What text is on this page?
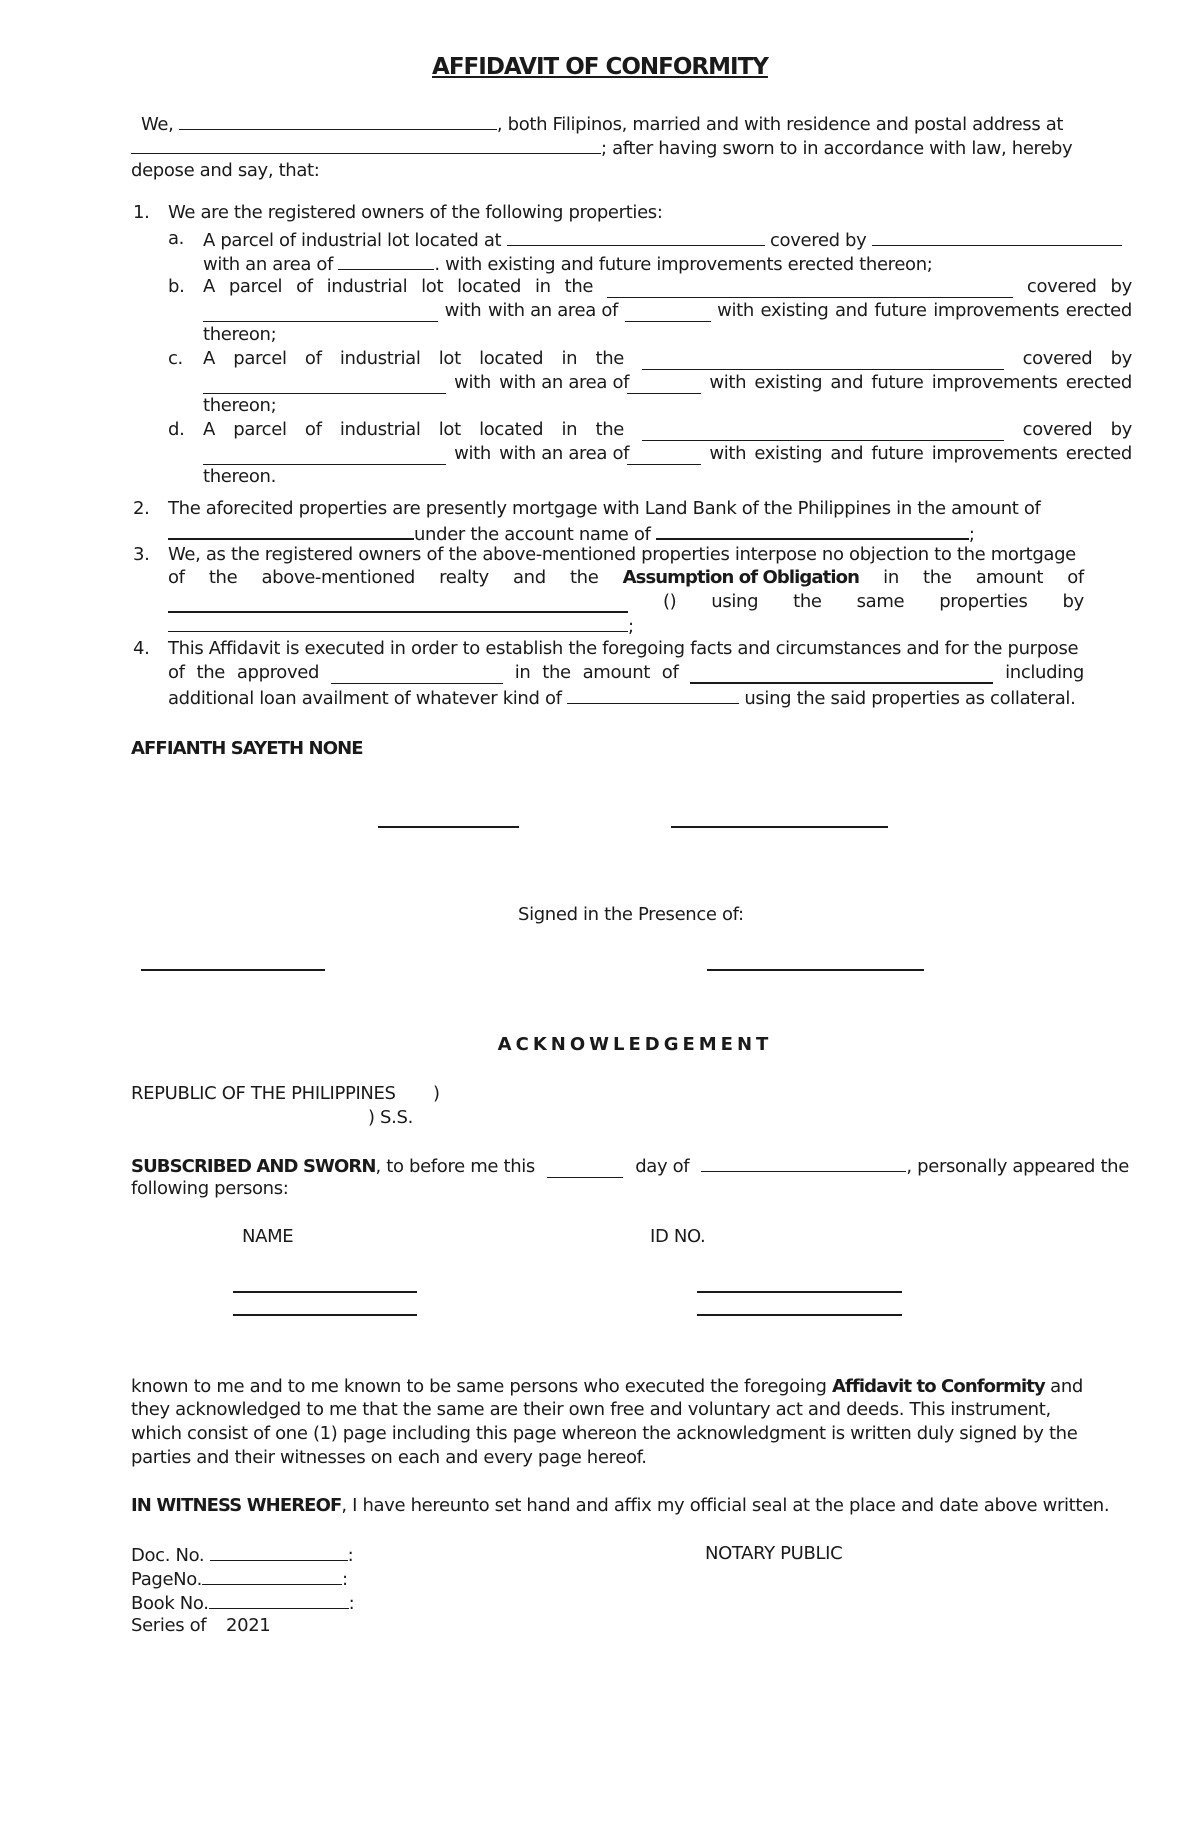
AFFIDAVIT OF CONFORMITY
We,	, both Filipinos, married and with residence and postal address at
; after having sworn to in accordance with law, hereby
depose and say, that:
1. We are the registered owners of the following properties:
a. A parcel of industrial lot located at	covered by
with an area of	. with existing and future improvements erected thereon;
b. A parcel of industrial lot located in the	covered by
with with an area of	with existing and future improvements erected
thereon;
c. A parcel of industrial lot located in the	covered by
with with an area of	with existing and future improvements erected
thereon;
d. A parcel of industrial lot located in the	covered by
with with an area of	with existing and future improvements erected
thereon.
2. The aforecited properties are presently mortgage with Land Bank of the Philippines in the amount of
under the account name of	;
3. We, as the registered owners of the above-mentioned properties interpose no objection to the mortgage
of the above-mentioned realty and the Assumption of Obligation in the amount of
() using the same properties by
;
4. This Affidavit is executed in order to establish the foregoing facts and circumstances and for the purpose
of the approved	in the amount of	including
additional loan availment of whatever kind of	using the said properties as collateral.
AFFIANTH SAYETH NONE
Signed in the Presence of:
ACKNOWLEDGEMENT
REPUBLIC OF THE PHILIPPINES )
) S.S.
SUBSCRIBED AND SWORN, to before me this	day of	, personally appeared the
following persons:
NAME	ID NO.
known to me and to me known to be same persons who executed the foregoing Affidavit to Conformity and
they acknowledged to me that the same are their own free and voluntary act and deeds. This instrument,
which consist of one (1) page including this page whereon the acknowledgment is written duly signed by the
parties and their witnesses on each and every page hereof.
IN WITNESS WHEREOF, I have hereunto set hand and affix my official seal at the place and date above written.
Doc. No.	:
PageNo.	:
Book No.	:
Series of 2021
NOTARY PUBLIC
